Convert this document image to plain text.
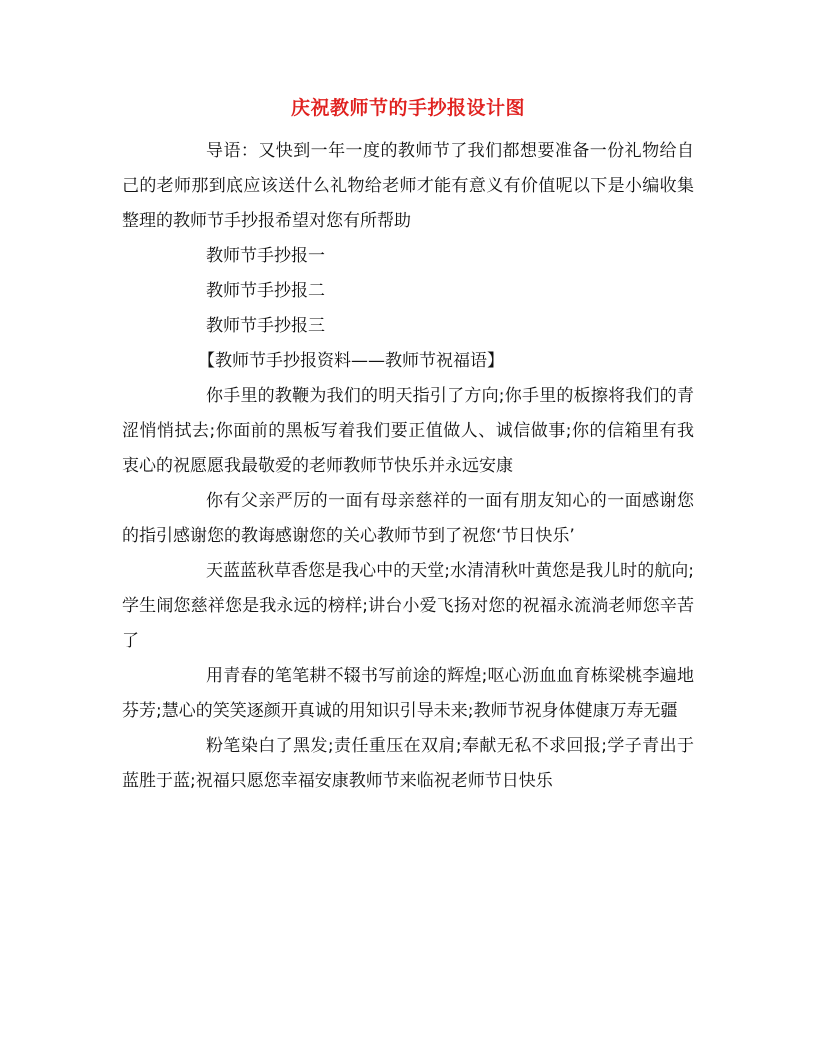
庆祝教师节的手抄报设计图

导语：又快到一年一度的教师节了我们都想要准备一份礼物给自己的老师那到底应该送什么礼物给老师才能有意义有价值呢以下是小编收集整理的教师节手抄报希望对您有所帮助

教师节手抄报一

教师节手抄报二

教师节手抄报三

【教师节手抄报资料——教师节祝福语】

你手里的教鞭为我们的明天指引了方向;你手里的板擦将我们的青涩悄悄拭去;你面前的黑板写着我们要正值做人、诚信做事;你的信箱里有我衷心的祝愿愿我最敬爱的老师教师节快乐并永远安康

你有父亲严厉的一面有母亲慈祥的一面有朋友知心的一面感谢您的指引感谢您的教诲感谢您的关心教师节到了祝您‘节日快乐’

天蓝蓝秋草香您是我心中的天堂;水清清秋叶黄您是我儿时的航向;学生闹您慈祥您是我永远的榜样;讲台小爱飞扬对您的祝福永流淌老师您辛苦了

用青春的笔笔耕不辍书写前途的辉煌;呕心沥血血育栋梁桃李遍地芬芳;慧心的笑笑逐颜开真诚的用知识引导未来;教师节祝身体健康万寿无疆

粉笔染白了黑发;责任重压在双肩;奉献无私不求回报;学子青出于蓝胜于蓝;祝福只愿您幸福安康教师节来临祝老师节日快乐
